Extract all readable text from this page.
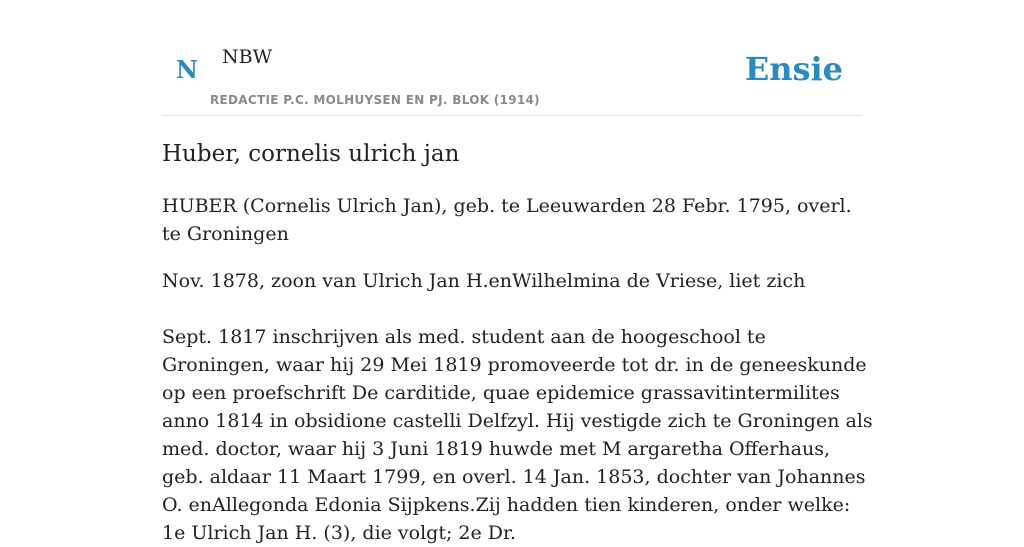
N NBW
REDACTIE P.C. MOLHUYSEN EN PJ. BLOK (1914)
Ensie
Huber, cornelis ulrich jan

HUBER (Cornelis Ulrich Jan), geb. te Leeuwarden 28 Febr. 1795, overl. te Groningen

Nov. 1878, zoon van Ulrich Jan H.enWilhelmina de Vriese, liet zich

Sept. 1817 inschrijven als med. student aan de hoogeschool te Groningen, waar hij 29 Mei 1819 promoveerde tot dr. in de geneeskunde op een proefschrift De carditide, quae epidemice grassavitintermilites anno 1814 in obsidione castelli Delfzyl. Hij vestigde zich te Groningen als med. doctor, waar hij 3 Juni 1819 huwde met M argaretha Offerhaus, geb. aldaar 11 Maart 1799, en overl. 14 Jan. 1853, dochter van Johannes O. enAllegonda Edonia Sijpkens.Zij hadden tien kinderen, onder welke: 1e Ulrich Jan H. (3), die volgt; 2e Dr.
